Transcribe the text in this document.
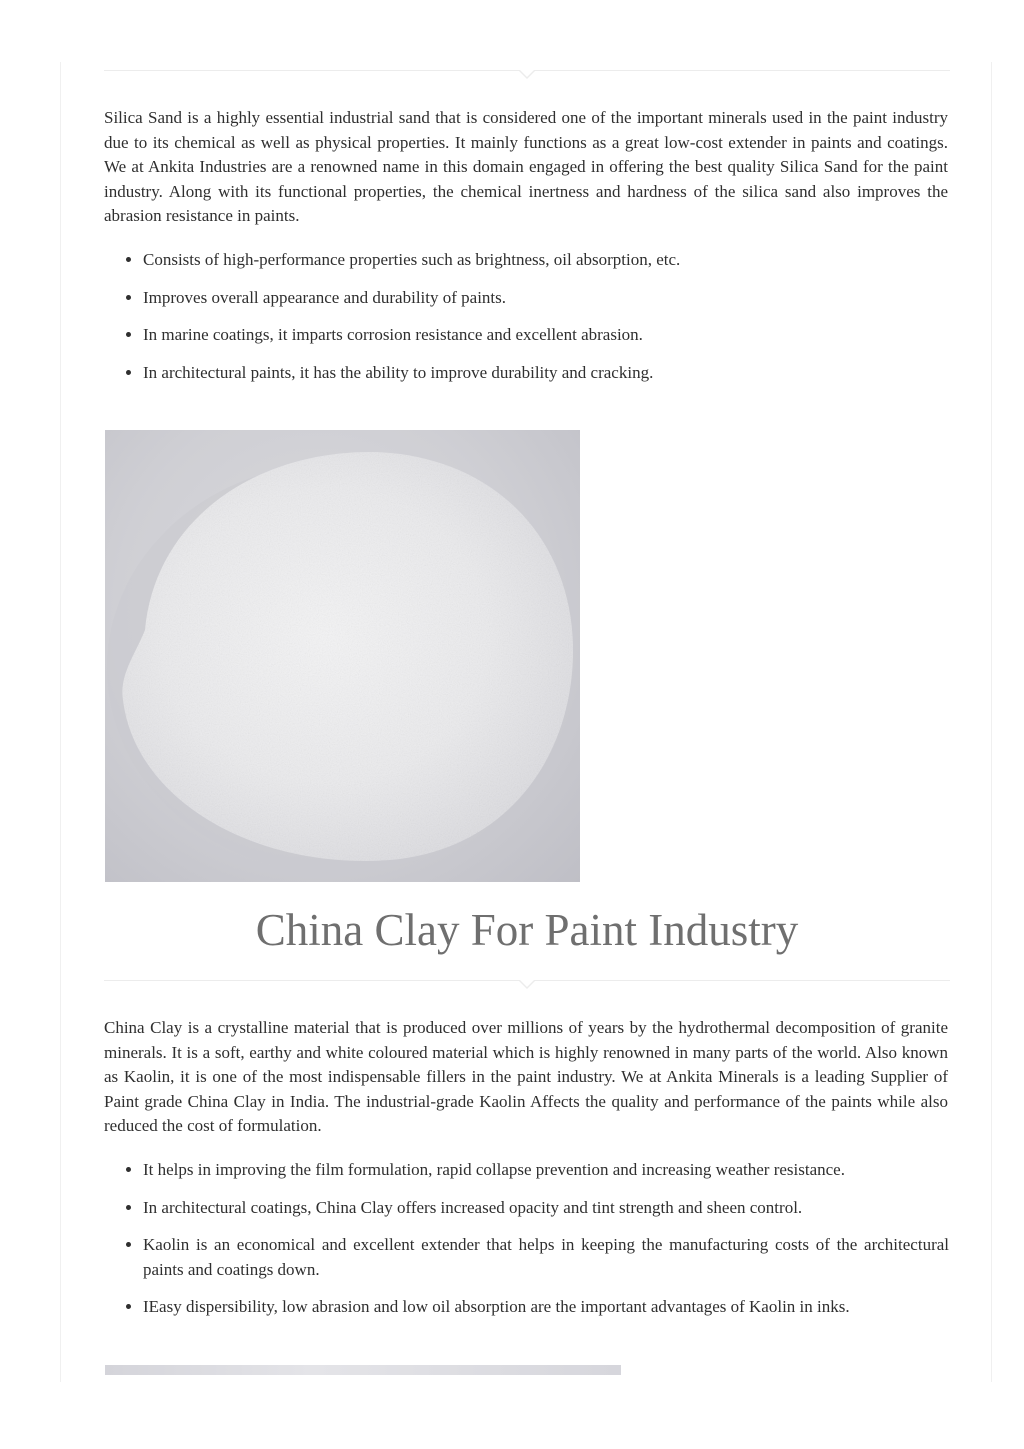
Silica Sand is a highly essential industrial sand that is considered one of the important minerals used in the paint industry due to its chemical as well as physical properties. It mainly functions as a great low-cost extender in paints and coatings. We at Ankita Industries are a renowned name in this domain engaged in offering the best quality Silica Sand for the paint industry. Along with its functional properties, the chemical inertness and hardness of the silica sand also improves the abrasion resistance in paints.

• Consists of high-performance properties such as brightness, oil absorption, etc.
• Improves overall appearance and durability of paints.
• In marine coatings, it imparts corrosion resistance and excellent abrasion.
• In architectural paints, it has the ability to improve durability and cracking.
China Clay For Paint Industry

China Clay is a crystalline material that is produced over millions of years by the hydrothermal decomposition of granite minerals. It is a soft, earthy and white coloured material which is highly renowned in many parts of the world. Also known as Kaolin, it is one of the most indispensable fillers in the paint industry. We at Ankita Minerals is a leading Supplier of Paint grade China Clay in India. The industrial-grade Kaolin Affects the quality and performance of the paints while also reduced the cost of formulation.

• It helps in improving the film formulation, rapid collapse prevention and increasing weather resistance.
• In architectural coatings, China Clay offers increased opacity and tint strength and sheen control.
• Kaolin is an economical and excellent extender that helps in keeping the manufacturing costs of the architectural paints and coatings down.
• IEasy dispersibility, low abrasion and low oil absorption are the important advantages of Kaolin in inks.
